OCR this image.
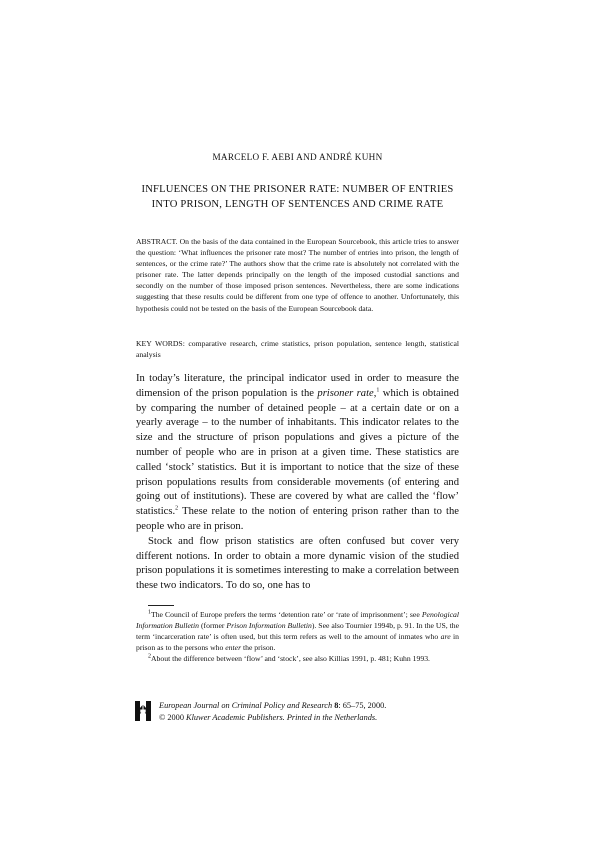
MARCELO F. AEBI AND ANDRÉ KUHN
INFLUENCES ON THE PRISONER RATE: NUMBER OF ENTRIES
INTO PRISON, LENGTH OF SENTENCES AND CRIME RATE
ABSTRACT. On the basis of the data contained in the European Sourcebook, this article tries to answer the question: ‘What influences the prisoner rate most? The number of entries into prison, the length of sentences, or the crime rate?’ The authors show that the crime rate is absolutely not correlated with the prisoner rate. The latter depends principally on the length of the imposed custodial sanctions and secondly on the number of those imposed prison sentences. Nevertheless, there are some indications suggesting that these results could be different from one type of offence to another. Unfortunately, this hypothesis could not be tested on the basis of the European Sourcebook data.
KEY WORDS: comparative research, crime statistics, prison population, sentence length, statistical analysis

In today’s literature, the principal indicator used in order to measure the dimension of the prison population is the prisoner rate,$^1$ which is obtained by comparing the number of detained people – at a certain date or on a yearly average – to the number of inhabitants. This indicator relates to the size and the structure of prison populations and gives a picture of the number of people who are in prison at a given time. These statistics are called ‘stock’ statistics. But it is important to notice that the size of these prison populations results from considerable movements (of entering and going out of institutions). These are covered by what are called the ‘flow’ statistics.$^2$ These relate to the notion of entering prison rather than to the people who are in prison.

Stock and flow prison statistics are often confused but cover very different notions. In order to obtain a more dynamic vision of the studied prison populations it is sometimes interesting to make a correlation between these two indicators. To do so, one has to

$^1$The Council of Europe prefers the terms ‘detention rate’ or ‘rate of imprisonment’; see Penological Information Bulletin (former Prison Information Bulletin). See also Tournier 1994b, p. 91. In the US, the term ‘incarceration rate’ is often used, but this term refers as well to the amount of inmates who are in prison as to the persons who enter the prison.

$^2$About the difference between ‘flow’ and ‘stock’, see also Killias 1991, p. 481; Kuhn 1993.

European Journal on Criminal Policy and Research 8: 65–75, 2000.
© 2000 Kluwer Academic Publishers. Printed in the Netherlands.
